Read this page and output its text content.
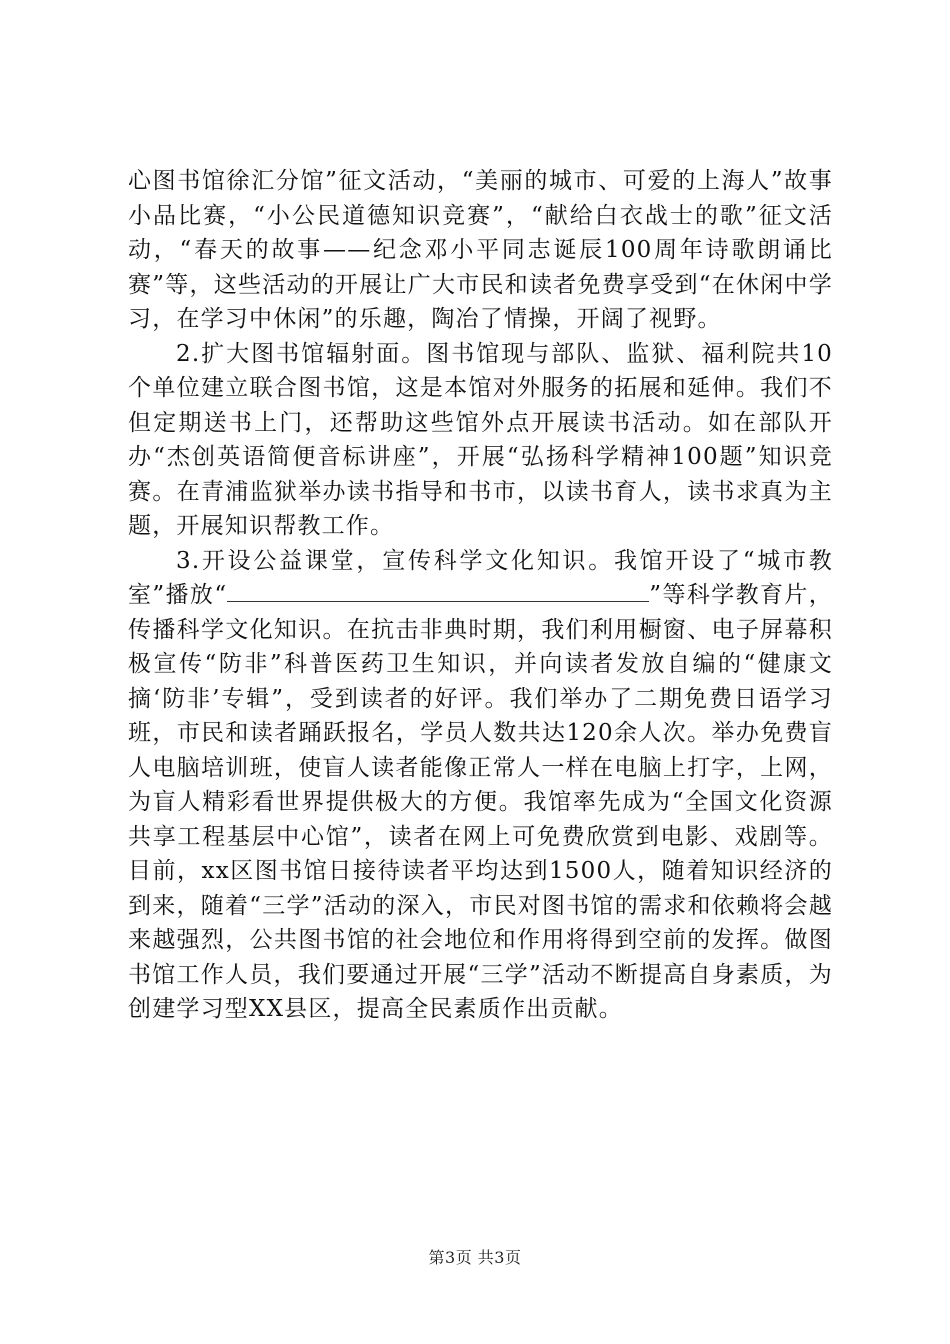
心图书馆徐汇分馆”征文活动，“美丽的城市、可爱的上海人”故事小品比赛，“小公民道德知识竞赛”，“献给白衣战士的歌”征文活动，“春天的故事——纪念邓小平同志诞辰100周年诗歌朗诵比赛”等，这些活动的开展让广大市民和读者免费享受到“在休闲中学习，在学习中休闲”的乐趣，陶冶了情操，开阔了视野。

2.扩大图书馆辐射面。图书馆现与部队、监狱、福利院共10个单位建立联合图书馆，这是本馆对外服务的拓展和延伸。我们不但定期送书上门，还帮助这些馆外点开展读书活动。如在部队开办“杰创英语简便音标讲座”，开展“弘扬科学精神100题”知识竞赛。在青浦监狱举办读书指导和书市，以读书育人，读书求真为主题，开展知识帮教工作。

3.开设公益课堂，宣传科学文化知识。我馆开设了“城市教室”播放“	”等科学教育片，传播科学文化知识。在抗击非典时期，我们利用橱窗、电子屏幕积极宣传“防非”科普医药卫生知识，并向读者发放自编的“健康文摘‘防非’专辑”，受到读者的好评。我们举办了二期免费日语学习班，市民和读者踊跃报名，学员人数共达120余人次。举办免费盲人电脑培训班，使盲人读者能像正常人一样在电脑上打字，上网，为盲人精彩看世界提供极大的方便。我馆率先成为“全国文化资源共享工程基层中心馆”，读者在网上可免费欣赏到电影、戏剧等。目前，xx区图书馆日接待读者平均达到1500人，随着知识经济的到来，随着“三学”活动的深入，市民对图书馆的需求和依赖将会越来越强烈，公共图书馆的社会地位和作用将得到空前的发挥。做图书馆工作人员，我们要通过开展“三学”活动不断提高自身素质，为创建学习型XX县区，提高全民素质作出贡献。

第3页 共3页
